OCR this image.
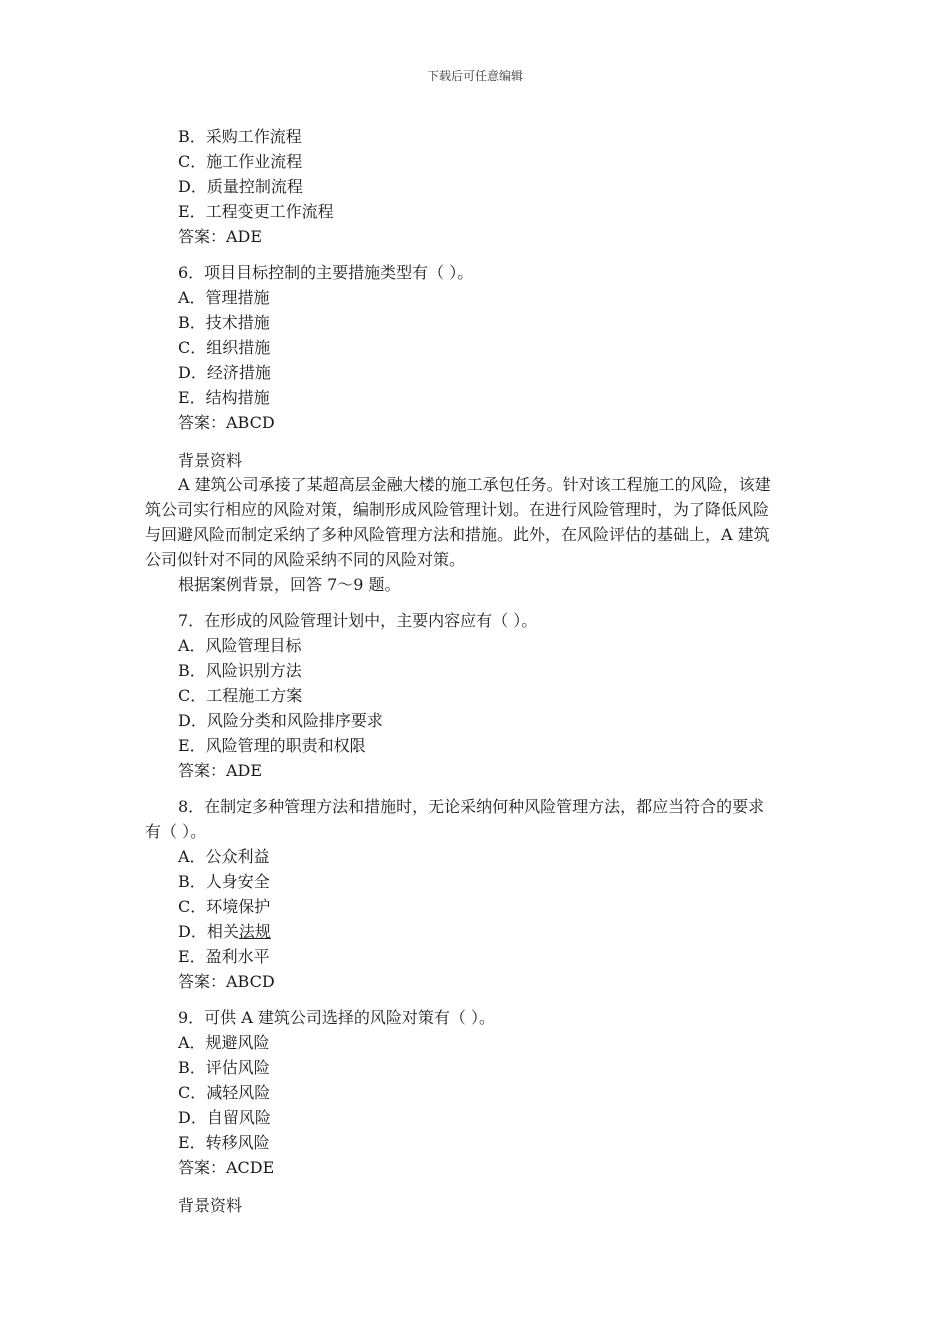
下载后可任意编辑
B．采购工作流程
C．施工作业流程
D．质量控制流程
E．工程变更工作流程
答案：ADE
6．项目目标控制的主要措施类型有（ ）。
A．管理措施
B．技术措施
C．组织措施
D．经济措施
E．结构措施
答案：ABCD
背景资料
A 建筑公司承接了某超高层金融大楼的施工承包任务。针对该工程施工的风险，该建
筑公司实行相应的风险对策，编制形成风险管理计划。在进行风险管理时，为了降低风险
与回避风险而制定采纳了多种风险管理方法和措施。此外，在风险评估的基础上，A 建筑
公司似针对不同的风险采纳不同的风险对策。
根据案例背景，回答 7～9 题。
7．在形成的风险管理计划中，主要内容应有（ ）。
A．风险管理目标
B．风险识别方法
C．工程施工方案
D．风险分类和风险排序要求
E．风险管理的职责和权限
答案：ADE
8．在制定多种管理方法和措施时，无论采纳何种风险管理方法，都应当符合的要求
有（ ）。
A．公众利益
B．人身安全
C．环境保护
D．相关法规
E．盈利水平
答案：ABCD
9．可供 A 建筑公司选择的风险对策有（ ）。
A．规避风险
B．评估风险
C．减轻风险
D．自留风险
E．转移风险
答案：ACDE
背景资料
